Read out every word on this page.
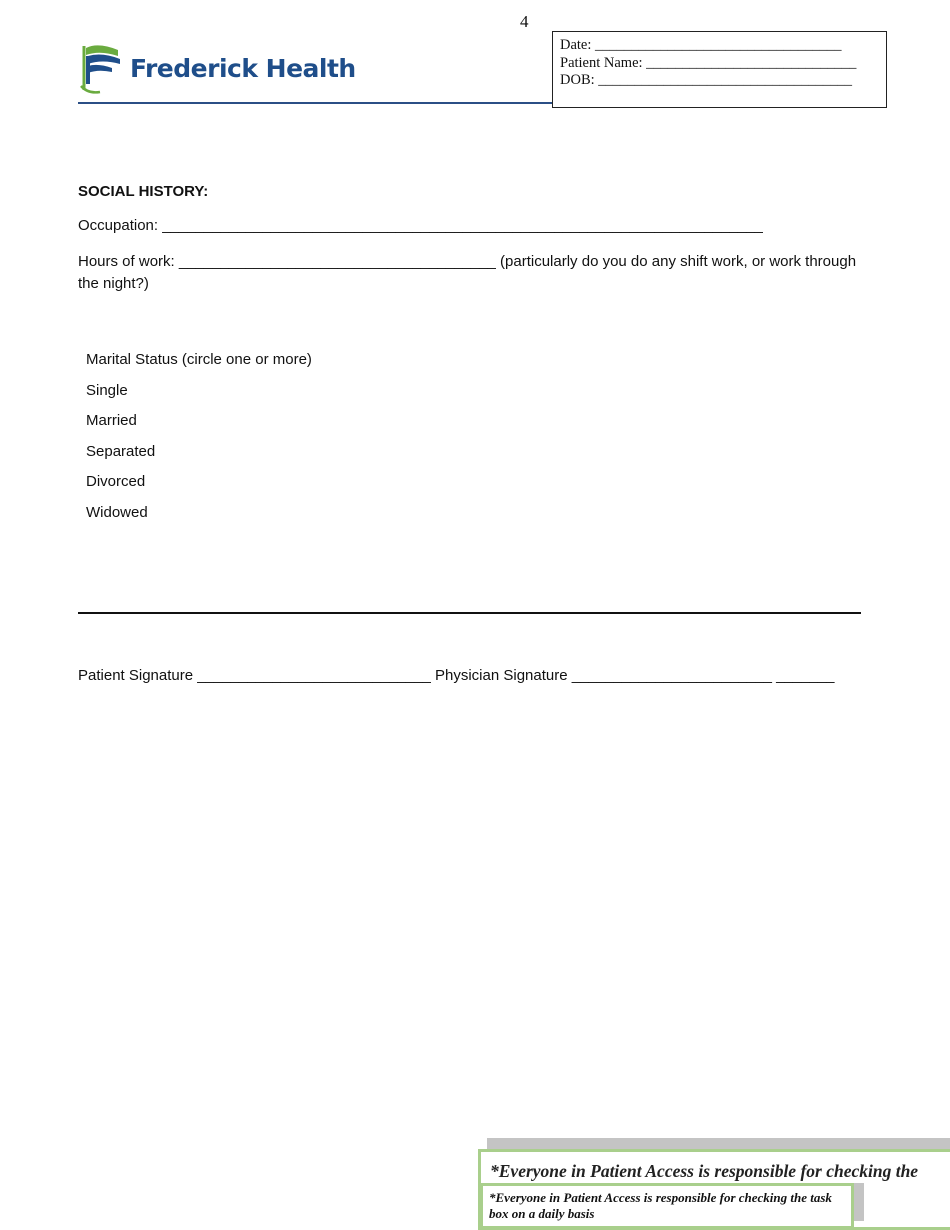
4
Frederick Health
Date: __________________________________
Patient Name: _____________________________
DOB: ___________________________________
SOCIAL HISTORY:
Occupation: ________________________________________________________________________
Hours of work: ______________________________________ (particularly do you do any shift work, or work through the night?)
Marital Status (circle one or more)
Single
Married
Separated
Divorced
Widowed
Patient Signature ____________________________ Physician Signature ________________________ _______
*Everyone in Patient Access is responsible for checking the
*Everyone in Patient Access is responsible for checking the task box on a daily basis
